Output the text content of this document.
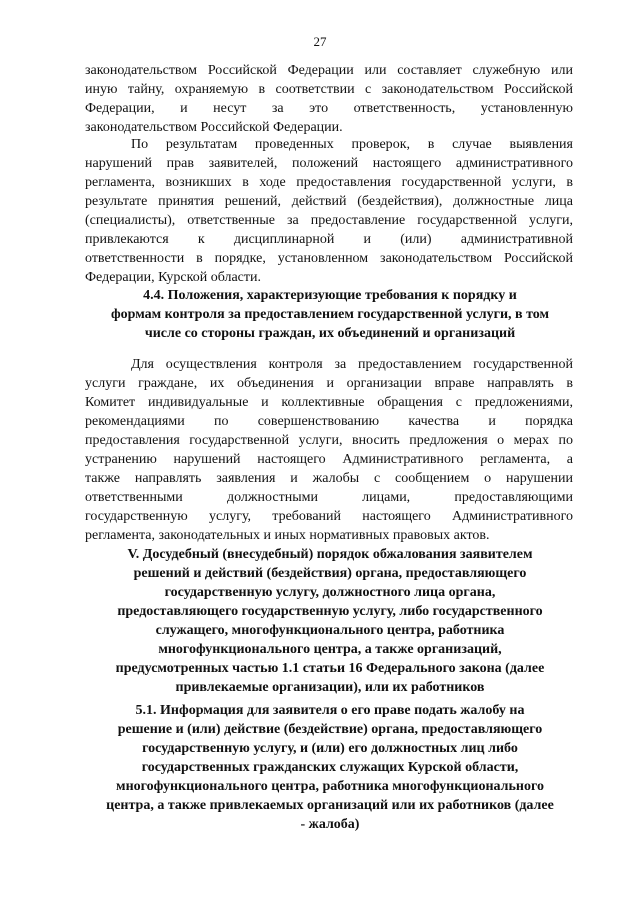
27
законодательством Российской Федерации или составляет служебную или
иную тайну, охраняемую в соответствии с законодательством Российской
Федерации, и несут за это ответственность, установленную
законодательством Российской Федерации.
По результатам проведенных проверок, в случае выявления
нарушений прав заявителей, положений настоящего административного
регламента, возникших в ходе предоставления государственной услуги, в
результате принятия решений, действий (бездействия), должностные лица
(специалисты), ответственные за предоставление государственной услуги,
привлекаются к дисциплинарной и (или) административной
ответственности в порядке, установленном законодательством Российской
Федерации, Курской области.
4.4. Положения, характеризующие требования к порядку и
формам контроля за предоставлением государственной услуги, в том
числе со стороны граждан, их объединений и организаций
Для осуществления контроля за предоставлением государственной
услуги граждане, их объединения и организации вправе направлять в
Комитет индивидуальные и коллективные обращения с предложениями,
рекомендациями по совершенствованию качества и порядка
предоставления государственной услуги, вносить предложения о мерах по
устранению нарушений настоящего Административного регламента, а
также направлять заявления и жалобы с сообщением о нарушении
ответственными должностными лицами, предоставляющими
государственную услугу, требований настоящего Административного
регламента, законодательных и иных нормативных правовых актов.
V. Досудебный (внесудебный) порядок обжалования заявителем
решений и действий (бездействия) органа, предоставляющего
государственную услугу, должностного лица органа,
предоставляющего государственную услугу, либо государственного
служащего, многофункционального центра, работника
многофункционального центра, а также организаций,
предусмотренных частью 1.1 статьи 16 Федерального закона (далее
привлекаемые организации), или их работников
5.1. Информация для заявителя о его праве подать жалобу на
решение и (или) действие (бездействие) органа, предоставляющего
государственную услугу, и (или) его должностных лиц либо
государственных гражданских служащих Курской области,
многофункционального центра, работника многофункционального
центра, а также привлекаемых организаций или их работников (далее
- жалоба)
